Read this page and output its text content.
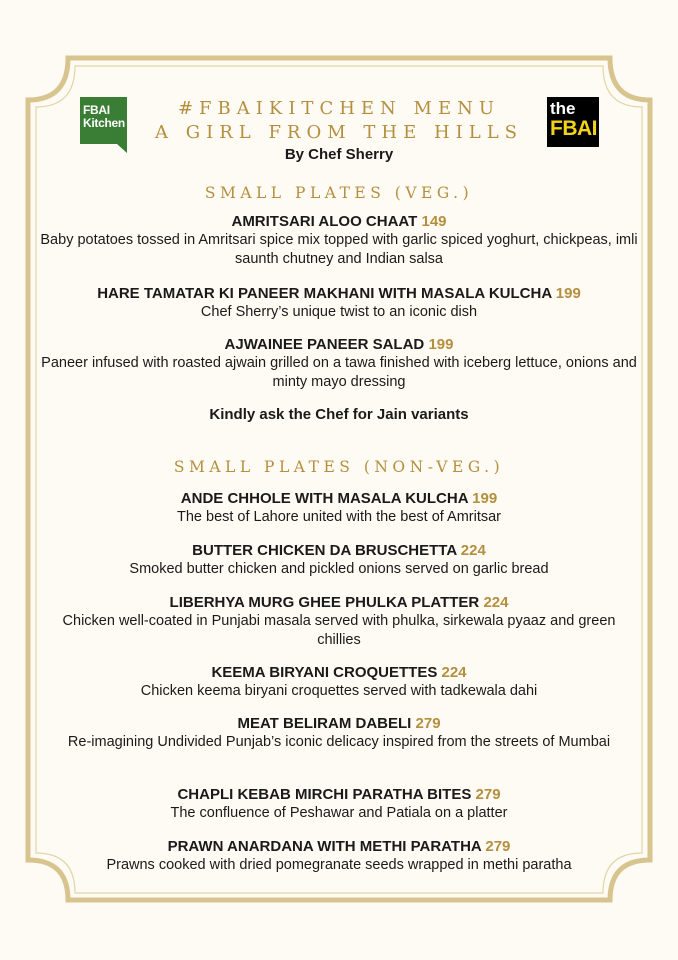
FBAI
Kitchen
the
FBAI
#FBAIKITCHEN MENU
A GIRL FROM THE HILLS
By Chef Sherry
SMALL PLATES (VEG.)
AMRITSARI ALOO CHAAT 149
Baby potatoes tossed in Amritsari spice mix topped with garlic spiced yoghurt, chickpeas, imli saunth chutney and Indian salsa
HARE TAMATAR KI PANEER MAKHANI WITH MASALA KULCHA 199
Chef Sherry’s unique twist to an iconic dish
AJWAINEE PANEER SALAD 199
Paneer infused with roasted ajwain grilled on a tawa finished with iceberg lettuce, onions and minty mayo dressing
Kindly ask the Chef for Jain variants
SMALL PLATES (NON-VEG.)
ANDE CHHOLE WITH MASALA KULCHA 199
The best of Lahore united with the best of Amritsar
BUTTER CHICKEN DA BRUSCHETTA 224
Smoked butter chicken and pickled onions served on garlic bread
LIBERHYA MURG GHEE PHULKA PLATTER 224
Chicken well-coated in Punjabi masala served with phulka, sirkewala pyaaz and green chillies
KEEMA BIRYANI CROQUETTES 224
Chicken keema biryani croquettes served with tadkewala dahi
MEAT BELIRAM DABELI 279
Re-imagining Undivided Punjab’s iconic delicacy inspired from the streets of Mumbai
CHAPLI KEBAB MIRCHI PARATHA BITES 279
The confluence of Peshawar and Patiala on a platter
PRAWN ANARDANA WITH METHI PARATHA 279
Prawns cooked with dried pomegranate seeds wrapped in methi paratha
